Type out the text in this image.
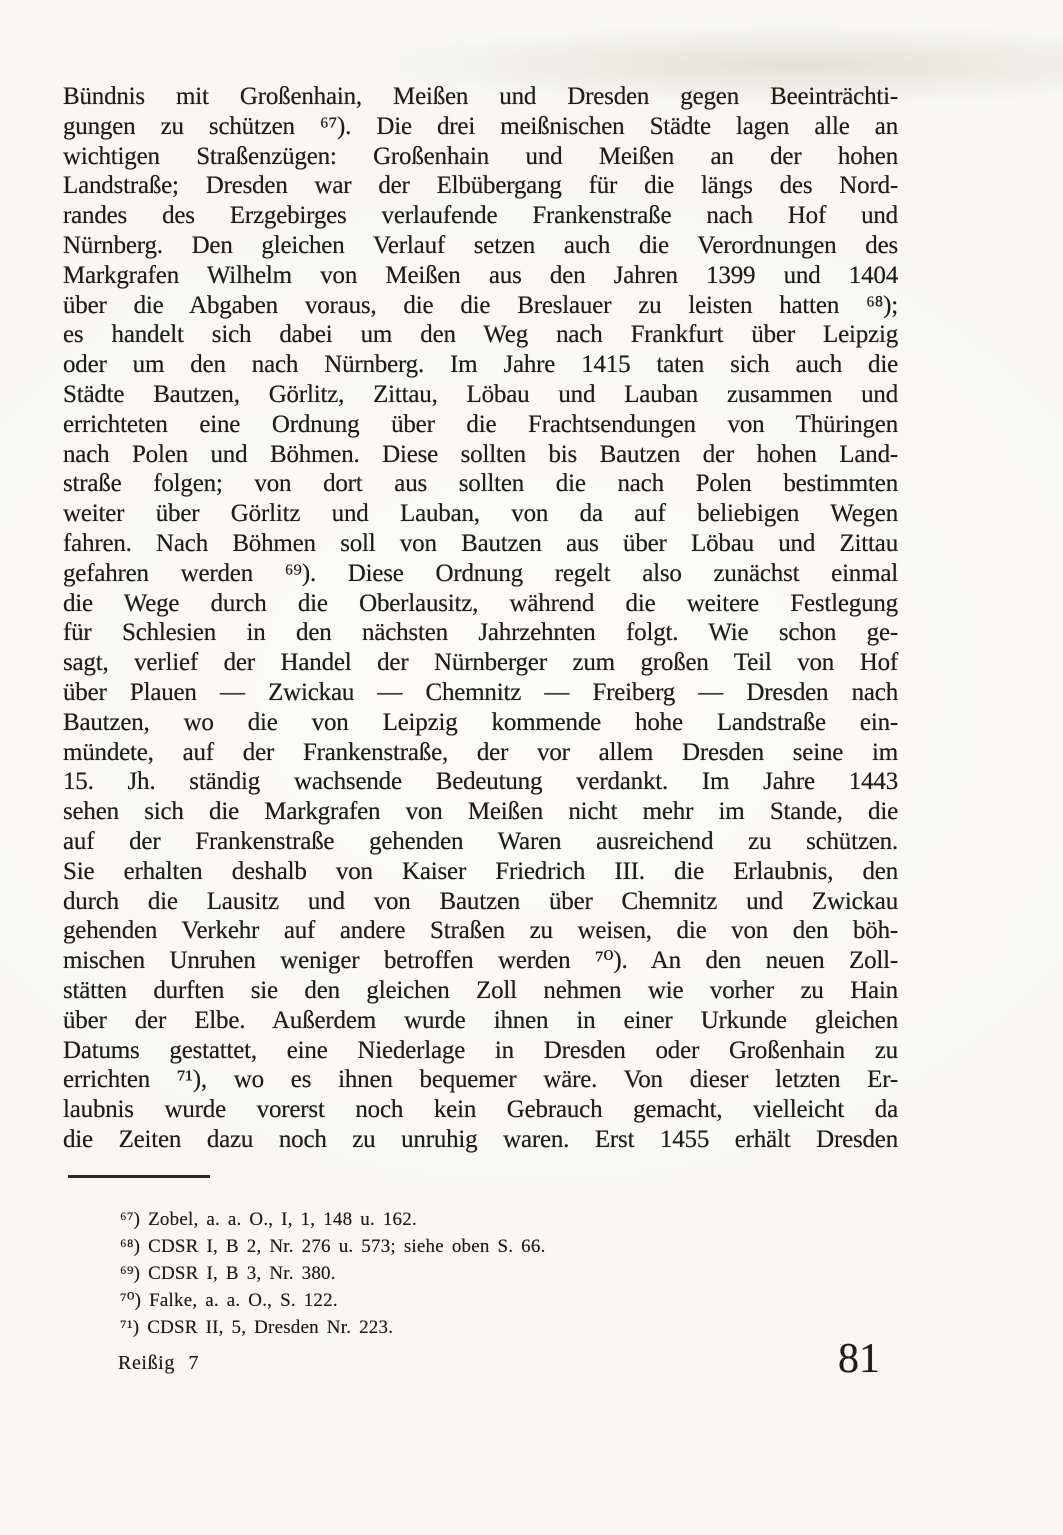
Bündnis mit Großenhain, Meißen und Dresden gegen Beeinträchti-
gungen zu schützen ⁶⁷). Die drei meißnischen Städte lagen alle an
wichtigen Straßenzügen: Großenhain und Meißen an der hohen
Landstraße; Dresden war der Elbübergang für die längs des Nord-
randes des Erzgebirges verlaufende Frankenstraße nach Hof und
Nürnberg. Den gleichen Verlauf setzen auch die Verordnungen des
Markgrafen Wilhelm von Meißen aus den Jahren 1399 und 1404
über die Abgaben voraus, die die Breslauer zu leisten hatten ⁶⁸);
es handelt sich dabei um den Weg nach Frankfurt über Leipzig
oder um den nach Nürnberg. Im Jahre 1415 taten sich auch die
Städte Bautzen, Görlitz, Zittau, Löbau und Lauban zusammen und
errichteten eine Ordnung über die Frachtsendungen von Thüringen
nach Polen und Böhmen. Diese sollten bis Bautzen der hohen Land-
straße folgen; von dort aus sollten die nach Polen bestimmten
weiter über Görlitz und Lauban, von da auf beliebigen Wegen
fahren. Nach Böhmen soll von Bautzen aus über Löbau und Zittau
gefahren werden ⁶⁹). Diese Ordnung regelt also zunächst einmal
die Wege durch die Oberlausitz, während die weitere Festlegung
für Schlesien in den nächsten Jahrzehnten folgt. Wie schon ge-
sagt, verlief der Handel der Nürnberger zum großen Teil von Hof
über Plauen — Zwickau — Chemnitz — Freiberg — Dresden nach
Bautzen, wo die von Leipzig kommende hohe Landstraße ein-
mündete, auf der Frankenstraße, der vor allem Dresden seine im
15. Jh. ständig wachsende Bedeutung verdankt. Im Jahre 1443
sehen sich die Markgrafen von Meißen nicht mehr im Stande, die
auf der Frankenstraße gehenden Waren ausreichend zu schützen.
Sie erhalten deshalb von Kaiser Friedrich III. die Erlaubnis, den
durch die Lausitz und von Bautzen über Chemnitz und Zwickau
gehenden Verkehr auf andere Straßen zu weisen, die von den böh-
mischen Unruhen weniger betroffen werden ⁷⁰). An den neuen Zoll-
stätten durften sie den gleichen Zoll nehmen wie vorher zu Hain
über der Elbe. Außerdem wurde ihnen in einer Urkunde gleichen
Datums gestattet, eine Niederlage in Dresden oder Großenhain zu
errichten ⁷¹), wo es ihnen bequemer wäre. Von dieser letzten Er-
laubnis wurde vorerst noch kein Gebrauch gemacht, vielleicht da
die Zeiten dazu noch zu unruhig waren. Erst 1455 erhält Dresden
⁶⁷) Zobel, a. a. O., I, 1, 148 u. 162.
⁶⁸) CDSR I, B 2, Nr. 276 u. 573; siehe oben S. 66.
⁶⁹) CDSR I, B 3, Nr. 380.
⁷⁰) Falke, a. a. O., S. 122.
⁷¹) CDSR II, 5, Dresden Nr. 223.
Reißig 7	81
